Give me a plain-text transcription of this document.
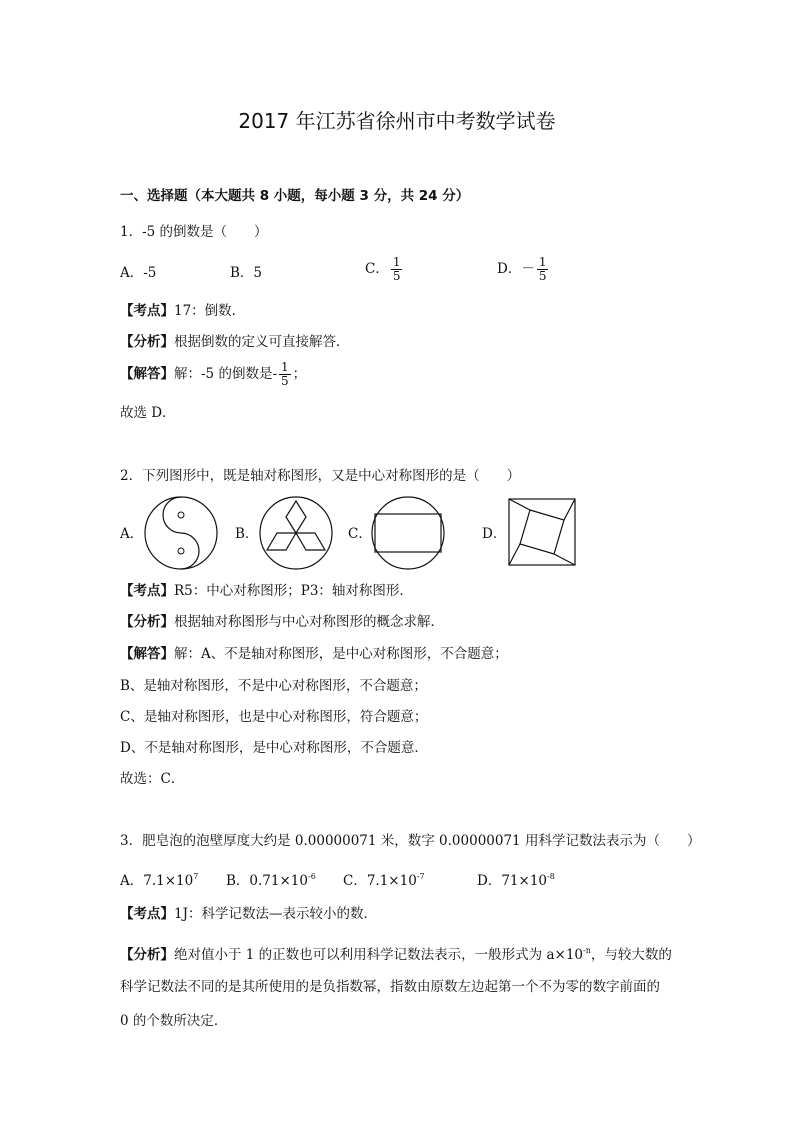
2017 年江苏省徐州市中考数学试卷
一、选择题（本大题共 8 小题，每小题 3 分，共 24 分）
1．-5 的倒数是（　　）
A．-5	B．5	C． $\frac{1}{5}$	D．－ $\frac{1}{5}$
【考点】17：倒数．
【分析】根据倒数的定义可直接解答．
【解答】解：-5 的倒数是- $\frac{1}{5}$ ；
故选 D．
2．下列图形中，既是轴对称图形，又是中心对称图形的是（　　）
A．	B．	C．	D．
【考点】R5：中心对称图形；P3：轴对称图形．
【分析】根据轴对称图形与中心对称图形的概念求解．
【解答】解：A、不是轴对称图形，是中心对称图形，不合题意；
B、是轴对称图形，不是中心对称图形，不合题意；
C、是轴对称图形，也是中心对称图形，符合题意；
D、不是轴对称图形，是中心对称图形，不合题意．
故选：C．
3．肥皂泡的泡壁厚度大约是 0.00000071 米，数字 0.00000071 用科学记数法表示为（　　）
A．$7.1\times 10^7$ B．$0.71\times 10^{-6}$ C．$7.1\times 10^{-7}$	D．$71\times 10^{-8}$
【考点】1J：科学记数法—表示较小的数．
【分析】绝对值小于 1 的正数也可以利用科学记数法表示，一般形式为 $a\times 10^{-n}$，与较大数的
科学记数法不同的是其所使用的是负指数幂，指数由原数左边起第一个不为零的数字前面的
0 的个数所决定．
